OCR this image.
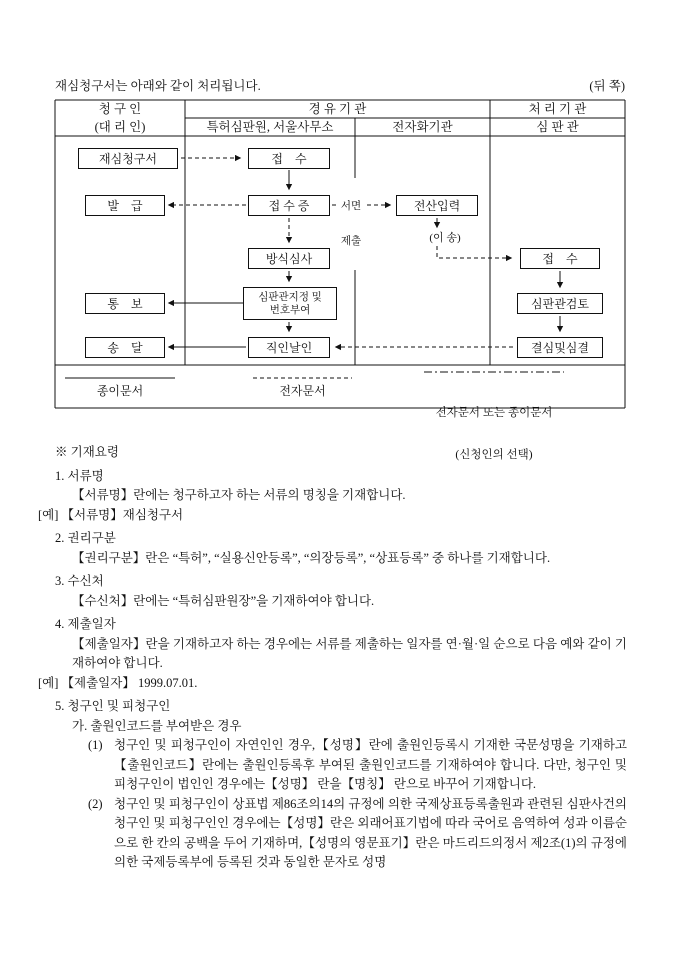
재심청구서는 아래와 같이 처리됩니다.	(뒤 쪽)
청 구 인
(대 리 인)
경 유 기 관
특허심판원, 서울사무소	전자화기관
처 리 기 관
심 판 관
재심청구서	접    수
발    급	접 수 증	전산입력
방식심사	접    수
통    보	심판관지정 및
번호부여	심판관검토
송    달	직인날인	결심및심결

서면

제출

	(이 송)
종이문서	전자문서

전자문서 또는 종이문서

(신청인의 선택)

※ 기재요령
1. 서류명
【서류명】란에는 청구하고자 하는 서류의 명칭을 기재합니다.
[예] 【서류명】재심청구서
2. 권리구분
【권리구분】란은 “특허”, “실용신안등록”, “의장등록”, “상표등록” 중 하나를 기재합니다.
3. 수신처
【수신처】란에는 “특허심판원장”을 기재하여야 합니다.
4. 제출일자
【제출일자】란을 기재하고자 하는 경우에는 서류를 제출하는 일자를 연·월·일 순으로 다음 예와 같이 기재하여야 합니다.
[예] 【제출일자】 1999.07.01.
5. 청구인 및 피청구인
가. 출원인코드를 부여받은 경우
(1) 청구인 및 피청구인이 자연인인 경우,【성명】란에 출원인등록시 기재한 국문성명을 기재하고 【출원인코드】란에는 출원인등록후 부여된 출원인코드를 기재하여야 합니다. 다만, 청구인 및 피청구인이 법인인 경우에는【성명】 란을【명칭】 란으로 바꾸어 기재합니다.
(2) 청구인 및 피청구인이 상표법 제86조의14의 규정에 의한 국제상표등록출원과 관련된 심판사건의 청구인 및 피청구인인 경우에는【성명】란은 외래어표기법에 따라 국어로 음역하여 성과 이름순으로 한 칸의 공백을 두어 기재하며,【성명의 영문표기】란은 마드리드의정서 제2조(1)의 규정에 의한 국제등록부에 등록된 것과 동일한 문자로 성명
